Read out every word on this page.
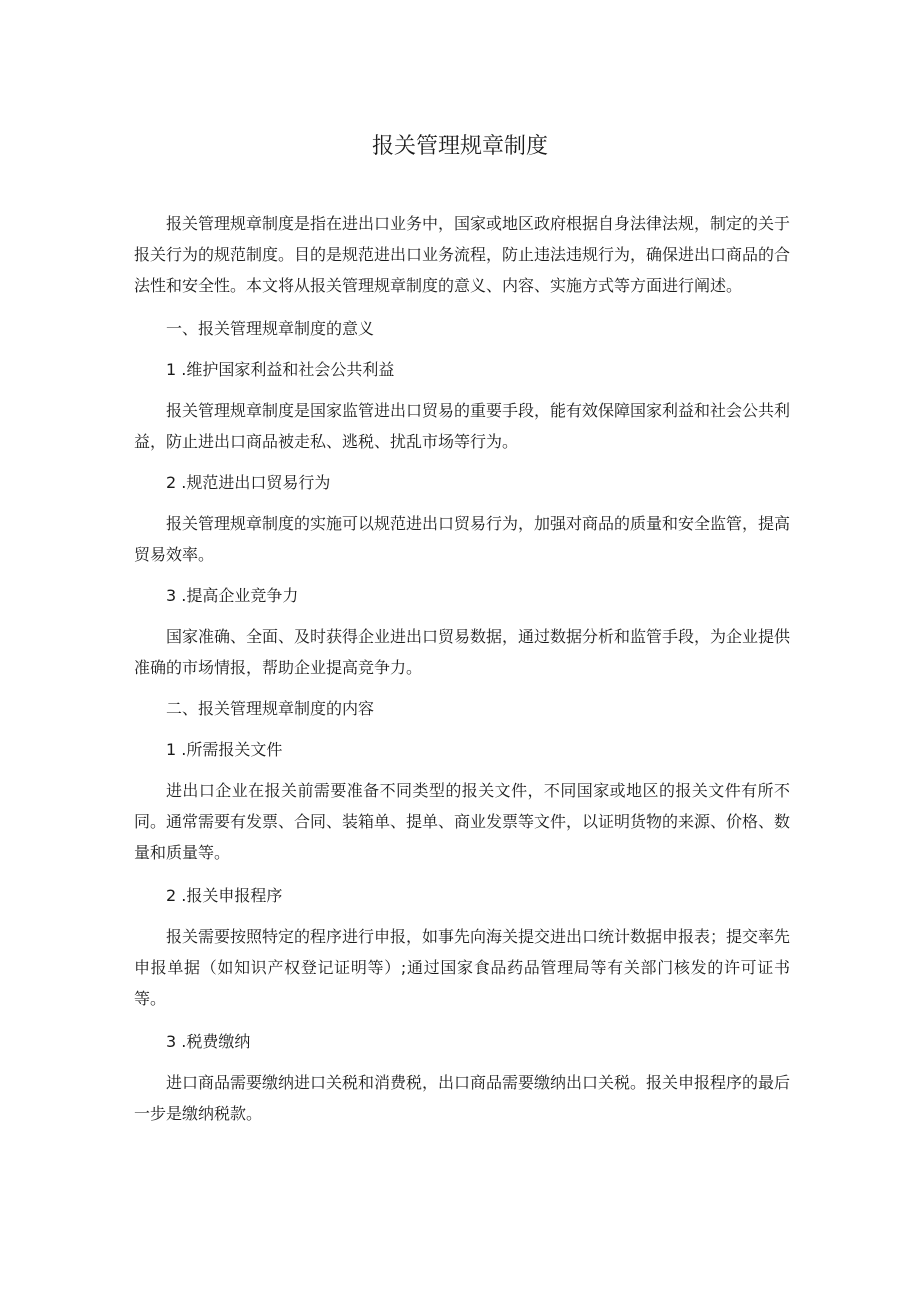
报关管理规章制度

报关管理规章制度是指在进出口业务中，国家或地区政府根据自身法律法规，制定的关于报关行为的规范制度。目的是规范进出口业务流程，防止违法违规行为，确保进出口商品的合法性和安全性。本文将从报关管理规章制度的意义、内容、实施方式等方面进行阐述。

一、报关管理规章制度的意义

1 .维护国家利益和社会公共利益

报关管理规章制度是国家监管进出口贸易的重要手段，能有效保障国家利益和社会公共利益，防止进出口商品被走私、逃税、扰乱市场等行为。

2 .规范进出口贸易行为

报关管理规章制度的实施可以规范进出口贸易行为，加强对商品的质量和安全监管，提高贸易效率。

3 .提高企业竞争力

国家准确、全面、及时获得企业进出口贸易数据，通过数据分析和监管手段，为企业提供准确的市场情报，帮助企业提高竞争力。

二、报关管理规章制度的内容

1 .所需报关文件

进出口企业在报关前需要准备不同类型的报关文件，不同国家或地区的报关文件有所不同。通常需要有发票、合同、装箱单、提单、商业发票等文件，以证明货物的来源、价格、数量和质量等。

2 .报关申报程序

报关需要按照特定的程序进行申报，如事先向海关提交进出口统计数据申报表；提交率先申报单据（如知识产权登记证明等）;通过国家食品药品管理局等有关部门核发的许可证书等。

3 .税费缴纳

进口商品需要缴纳进口关税和消费税，出口商品需要缴纳出口关税。报关申报程序的最后一步是缴纳税款。
